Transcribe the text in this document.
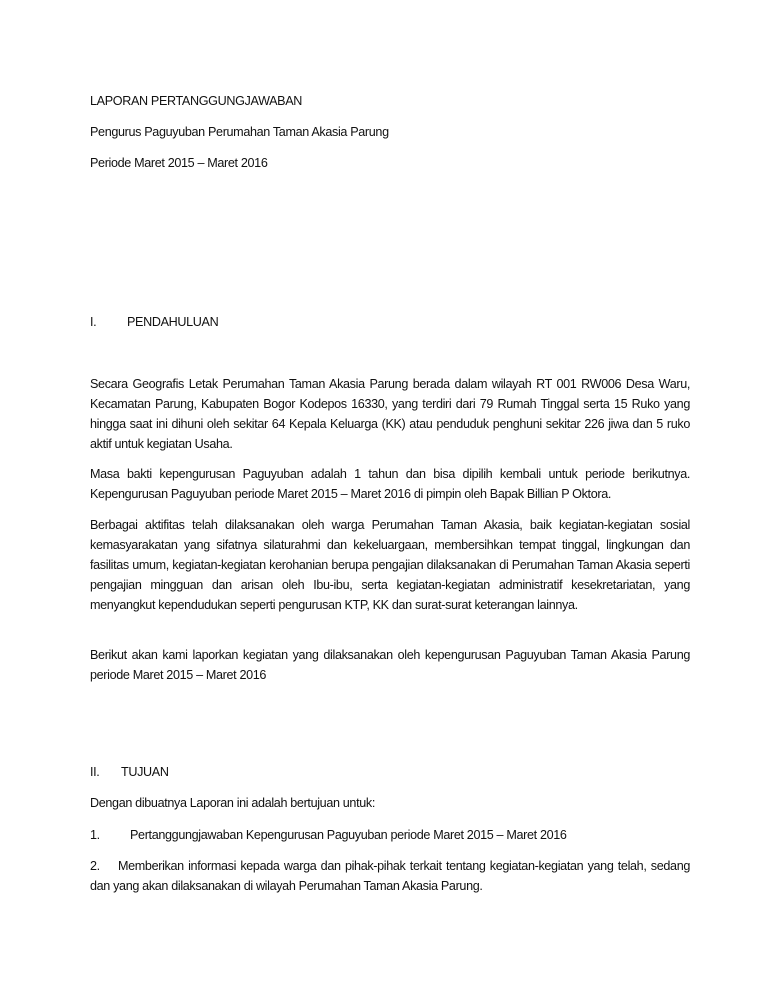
LAPORAN PERTANGGUNGJAWABAN

Pengurus Paguyuban Perumahan Taman Akasia Parung

Periode Maret 2015 – Maret 2016

I. PENDAHULUAN

Secara Geografis Letak Perumahan Taman Akasia Parung berada dalam wilayah RT 001 RW006 Desa Waru, Kecamatan Parung, Kabupaten Bogor Kodepos 16330, yang terdiri dari 79 Rumah Tinggal serta 15 Ruko yang hingga saat ini dihuni oleh sekitar 64 Kepala Keluarga (KK) atau penduduk penghuni sekitar 226 jiwa dan 5 ruko aktif untuk kegiatan Usaha.

Masa bakti kepengurusan Paguyuban adalah 1 tahun dan bisa dipilih kembali untuk periode berikutnya. Kepengurusan Paguyuban periode Maret 2015 – Maret 2016 di pimpin oleh Bapak Billian P Oktora.

Berbagai aktifitas telah dilaksanakan oleh warga Perumahan Taman Akasia, baik kegiatan-kegiatan sosial kemasyarakatan yang sifatnya silaturahmi dan kekeluargaan, membersihkan tempat tinggal, lingkungan dan fasilitas umum, kegiatan-kegiatan kerohanian berupa pengajian dilaksanakan di Perumahan Taman Akasia seperti pengajian mingguan dan arisan oleh Ibu-ibu, serta kegiatan-kegiatan administratif kesekretariatan, yang menyangkut kependudukan seperti pengurusan KTP, KK dan surat-surat keterangan lainnya.

Berikut akan kami laporkan kegiatan yang dilaksanakan oleh kepengurusan Paguyuban Taman Akasia Parung periode Maret 2015 – Maret 2016

II. TUJUAN

Dengan dibuatnya Laporan ini adalah bertujuan untuk:

1. Pertanggungjawaban Kepengurusan Paguyuban periode Maret 2015 – Maret 2016

2. Memberikan informasi kepada warga dan pihak-pihak terkait tentang kegiatan-kegiatan yang telah, sedang dan yang akan dilaksanakan di wilayah Perumahan Taman Akasia Parung.
